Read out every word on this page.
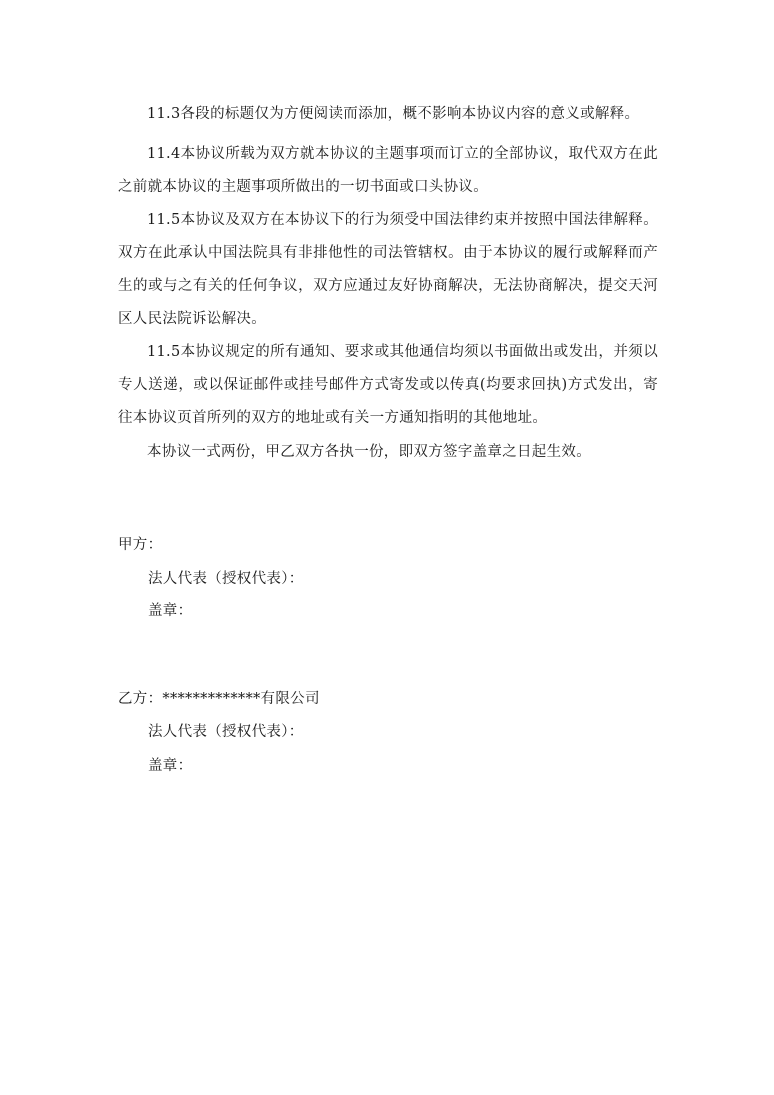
11.3各段的标题仅为方便阅读而添加，概不影响本协议内容的意义或解释。

11.4本协议所载为双方就本协议的主题事项而订立的全部协议，取代双方在此之前就本协议的主题事项所做出的一切书面或口头协议。

11.5本协议及双方在本协议下的行为须受中国法律约束并按照中国法律解释。双方在此承认中国法院具有非排他性的司法管辖权。由于本协议的履行或解释而产生的或与之有关的任何争议，双方应通过友好协商解决，无法协商解决，提交天河区人民法院诉讼解决。

11.5本协议规定的所有通知、要求或其他通信均须以书面做出或发出，并须以专人送递，或以保证邮件或挂号邮件方式寄发或以传真(均要求回执)方式发出，寄往本协议页首所列的双方的地址或有关一方通知指明的其他地址。

本协议一式两份，甲乙双方各执一份，即双方签字盖章之日起生效。

甲方：

法人代表（授权代表）：

盖章：

乙方：*************有限公司

法人代表（授权代表）：

盖章：
